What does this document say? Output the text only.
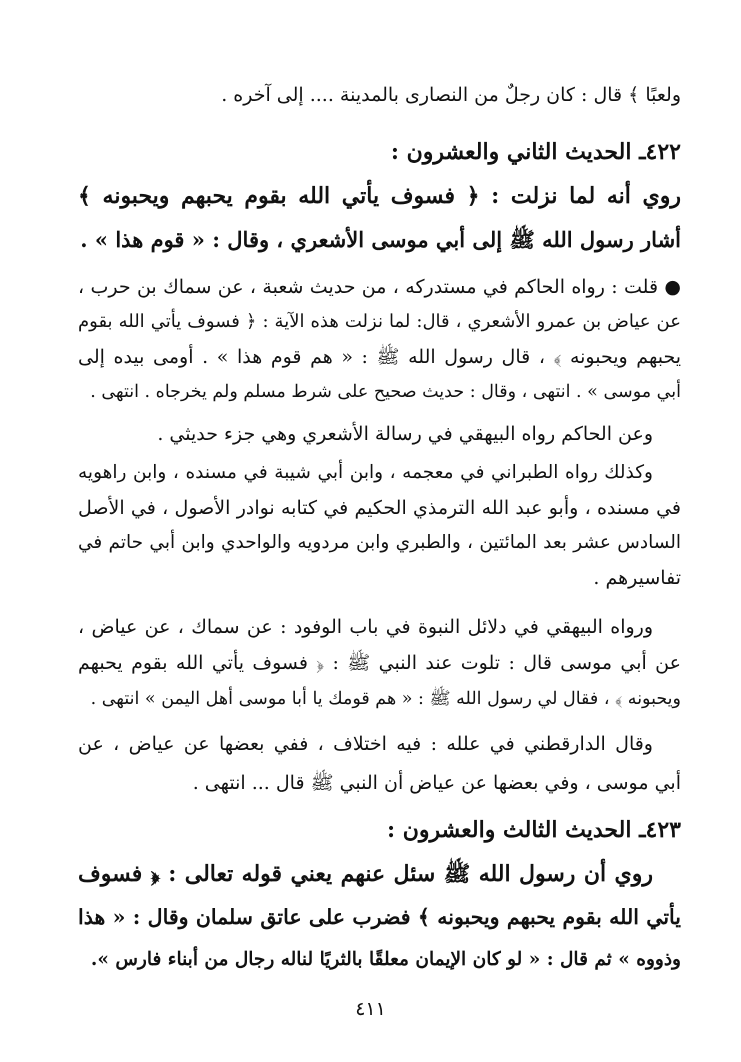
ولعبًا ﴾ قال : كان رجلٌ من النصارى بالمدينة .... إلى آخره .
٤٢٢ـ الحديث الثاني والعشرون :
روي أنه لما نزلت : ﴿ فسوف يأتي الله بقوم يحبهم ويحبونه ﴾
أشار رسول الله ﷺ إلى أبي موسى الأشعري ، وقال : « قوم هذا » .
● قلت : رواه الحاكم في مستدركه ، من حديث شعبة ، عن سماك بن حرب ،
عن عياض بن عمرو الأشعري ، قال: لما نزلت هذه الآية : ﴿ فسوف يأتي الله بقوم
يحبهم ويحبونه ﴾ ، قال رسول الله ﷺ : « هم قوم هذا » . أومى بيده إلى
أبي موسى » . انتهى ، وقال : حديث صحيح على شرط مسلم ولم يخرجاه . انتهى .
وعن الحاكم رواه البيهقي في رسالة الأشعري وهي جزء حديثي .
وكذلك رواه الطبراني في معجمه ، وابن أبي شيبة في مسنده ، وابن راهويه
في مسنده ، وأبو عبد الله الترمذي الحكيم في كتابه نوادر الأصول ، في الأصل
السادس عشر بعد المائتين ، والطبري وابن مردويه والواحدي وابن أبي حاتم في
تفاسيرهم .
ورواه البيهقي في دلائل النبوة في باب الوفود : عن سماك ، عن عياض ،
عن أبي موسى قال : تلوت عند النبي ﷺ : ﴿ فسوف يأتي الله بقوم يحبهم
ويحبونه ﴾ ، فقال لي رسول الله ﷺ : « هم قومك يا أبا موسى أهل اليمن » انتهى .
وقال الدارقطني في علله : فيه اختلاف ، ففي بعضها عن عياض ، عن
أبي موسى ، وفي بعضها عن عياض أن النبي ﷺ قال ... انتهى .
٤٢٣ـ الحديث الثالث والعشرون :
روي أن رسول الله ﷺ سئل عنهم يعني قوله تعالى : ﴿ فسوف
يأتي الله بقوم يحبهم ويحبونه ﴾ فضرب على عاتق سلمان وقال : « هذا
وذووه » ثم قال : « لو كان الإيمان معلقًا بالثريًا لناله رجال من أبناء فارس ».
٤١١
